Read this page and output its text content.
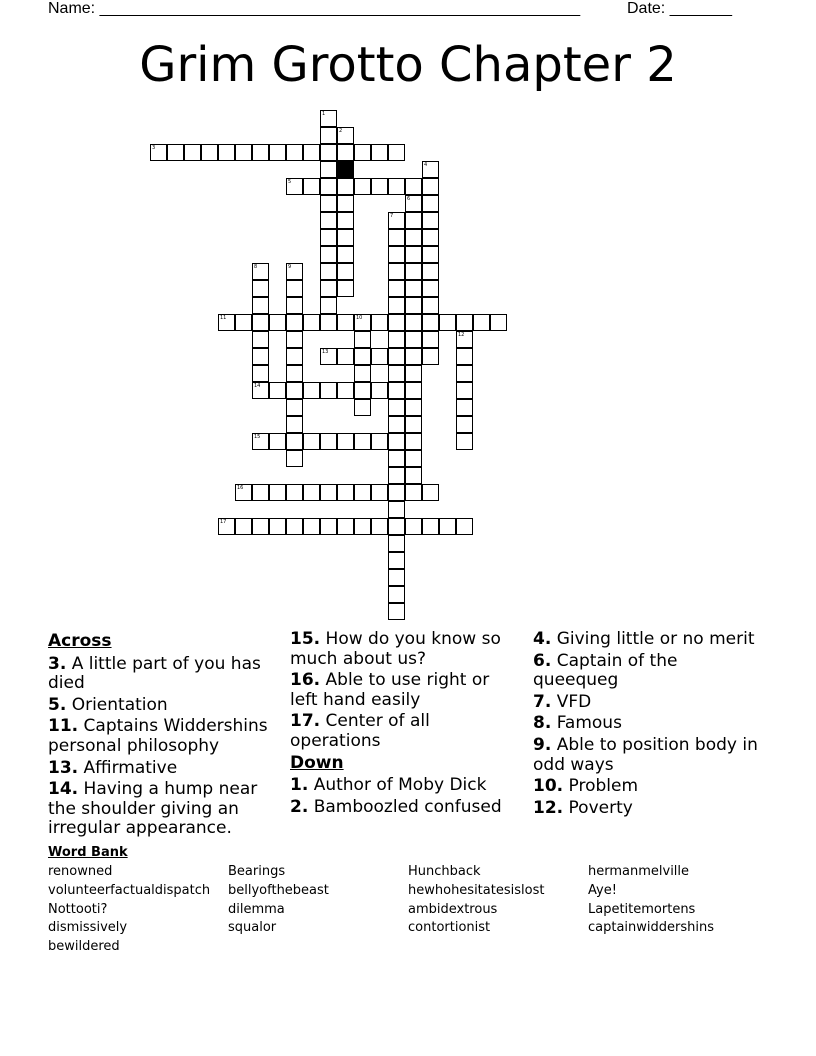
Name: ______________________________________________________	Date: _______
Grim Grotto Chapter 2
3
5
11	10
13
14
15
16
17
1
2
4
6
7
8	9
12
Across
3. A little part of you has died
5. Orientation
11. Captains Widdershins personal philosophy
13. Affirmative
14. Having a hump near the shoulder giving an irregular appearance.
15. How do you know so much about us?
16. Able to use right or left hand easily
17. Center of all operations
Down
1. Author of Moby Dick
2. Bamboozled confused
4. Giving little or no merit
6. Captain of the queequeg
7. VFD
8. Famous
9. Able to position body in odd ways
10. Problem
12. Poverty
Word Bank
renowned
volunteerfactualdispatch
Nottooti?
dismissively
bewildered
Bearings
bellyofthebeast
dilemma
squalor
Hunchback
hewhohesitatesislost
ambidextrous
contortionist
hermanmelville
Aye!
Lapetitemortens
captainwiddershins
